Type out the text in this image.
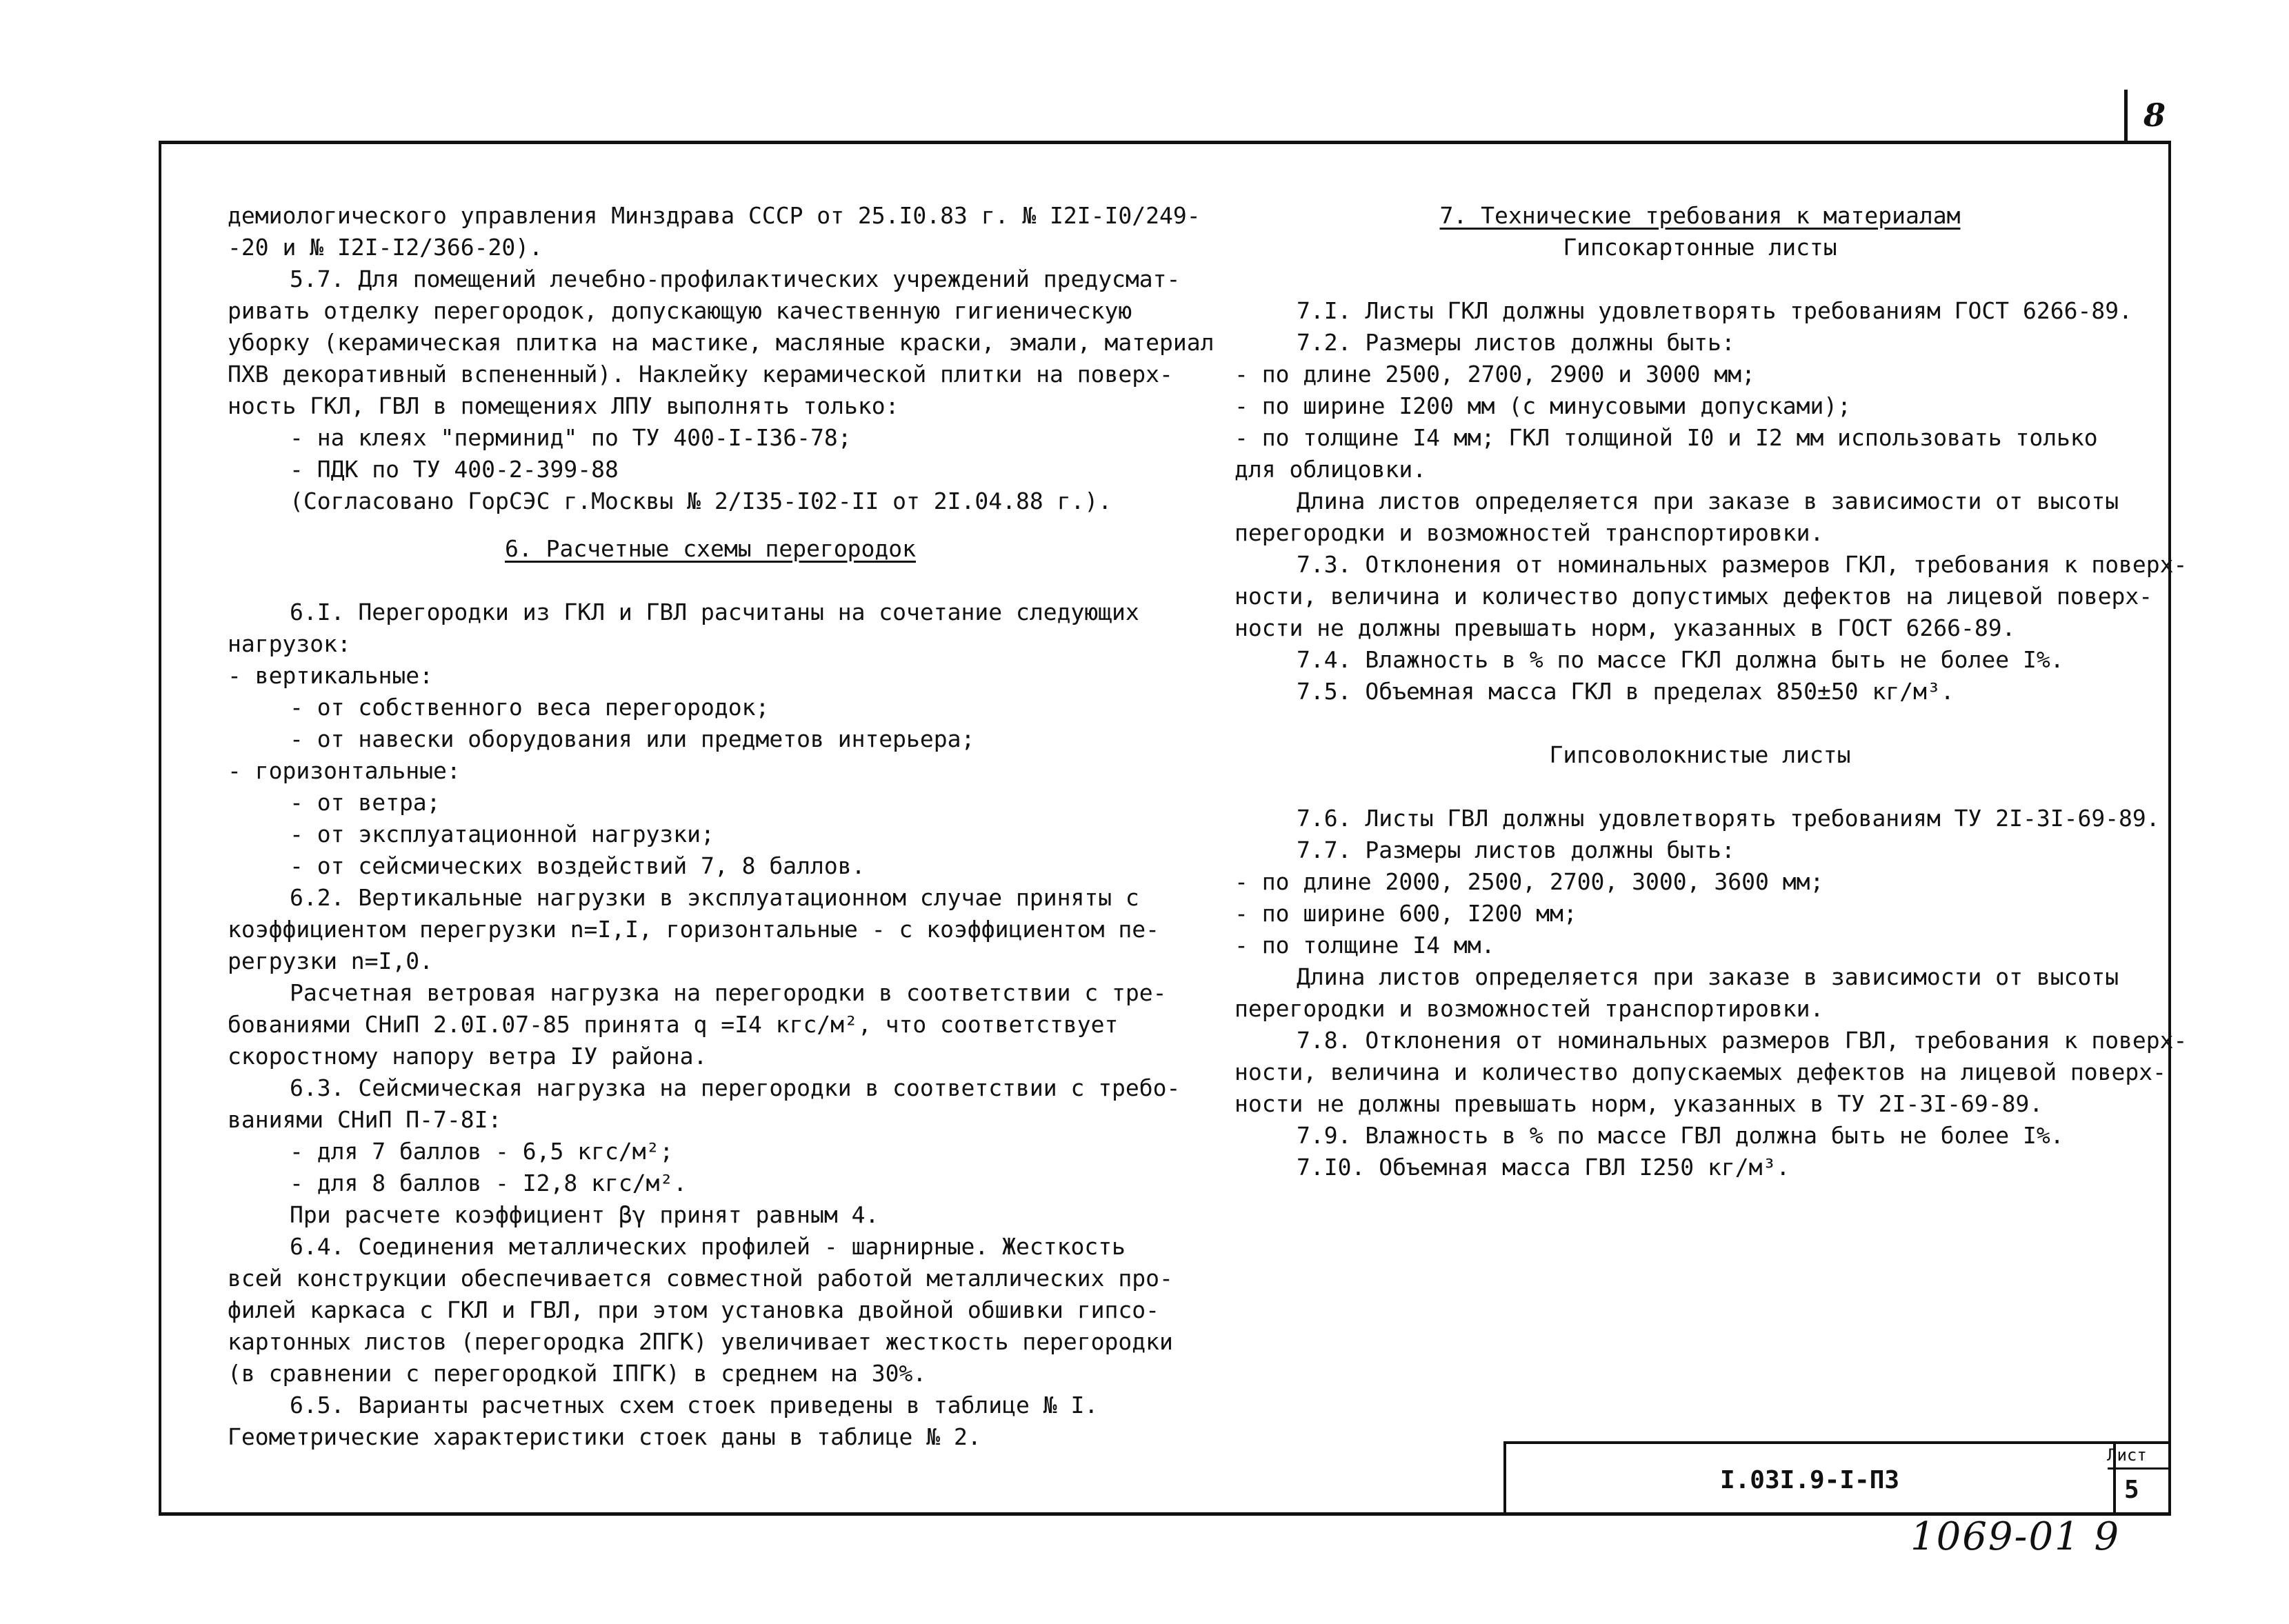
8
демиологического управления Минздрава СССР от 25.I0.83 г. № I2I-I0/249-
-20 и № I2I-I2/366-20).
5.7. Для помещений лечебно-профилактических учреждений предусмат-
ривать отделку перегородок, допускающую качественную гигиеническую
уборку (керамическая плитка на мастике, масляные краски, эмали, материал
ПХВ декоративный вспененный). Наклейку керамической плитки на поверх-
ность ГКЛ, ГВЛ в помещениях ЛПУ выполнять только:
- на клеях "перминид" по ТУ 400-I-I36-78;
- ПДК по ТУ 400-2-399-88
(Согласовано ГорСЭС г.Москвы № 2/I35-I02-II от 2I.04.88 г.).
6. Расчетные схемы перегородок
6.I. Перегородки из ГКЛ и ГВЛ расчитаны на сочетание следующих
нагрузок:
- вертикальные:
- от собственного веса перегородок;
- от навески оборудования или предметов интерьера;
- горизонтальные:
- от ветра;
- от эксплуатационной нагрузки;
- от сейсмических воздействий 7, 8 баллов.
6.2. Вертикальные нагрузки в эксплуатационном случае приняты с
коэффициентом перегрузки n=I,I, горизонтальные - с коэффициентом пе-
регрузки n=I,0.
Расчетная ветровая нагрузка на перегородки в соответствии с тре-
бованиями СНиП 2.0I.07-85 принята q =I4 кгс/м², что соответствует
скоростному напору ветра IУ района.
6.3. Сейсмическая нагрузка на перегородки в соответствии с требо-
ваниями СНиП П-7-8I:
- для 7 баллов - 6,5 кгс/м²;
- для 8 баллов - I2,8 кгс/м².
При расчете коэффициент βγ принят равным 4.
6.4. Соединения металлических профилей - шарнирные. Жесткость
всей конструкции обеспечивается совместной работой металлических про-
филей каркаса с ГКЛ и ГВЛ, при этом установка двойной обшивки гипсо-
картонных листов (перегородка 2ПГК) увеличивает жесткость перегородки
(в сравнении с перегородкой IПГК) в среднем на 30%.
6.5. Варианты расчетных схем стоек приведены в таблице № I.
Геометрические характеристики стоек даны в таблице № 2.
7. Технические требования к материалам
Гипсокартонные листы
7.I. Листы ГКЛ должны удовлетворять требованиям ГОСТ 6266-89.
7.2. Размеры листов должны быть:
- по длине 2500, 2700, 2900 и 3000 мм;
- по ширине I200 мм (с минусовыми допусками);
- по толщине I4 мм; ГКЛ толщиной I0 и I2 мм использовать только
для облицовки.
Длина листов определяется при заказе в зависимости от высоты
перегородки и возможностей транспортировки.
7.3. Отклонения от номинальных размеров ГКЛ, требования к поверх-
ности, величина и количество допустимых дефектов на лицевой поверх-
ности не должны превышать норм, указанных в ГОСТ 6266-89.
7.4. Влажность в % по массе ГКЛ должна быть не более I%.
7.5. Объемная масса ГКЛ в пределах 850±50 кг/м³.
Гипсоволокнистые листы
7.6. Листы ГВЛ должны удовлетворять требованиям ТУ 2I-3I-69-89.
7.7. Размеры листов должны быть:
- по длине 2000, 2500, 2700, 3000, 3600 мм;
- по ширине 600, I200 мм;
- по толщине I4 мм.
Длина листов определяется при заказе в зависимости от высоты
перегородки и возможностей транспортировки.
7.8. Отклонения от номинальных размеров ГВЛ, требования к поверх-
ности, величина и количество допускаемых дефектов на лицевой поверх-
ности не должны превышать норм, указанных в ТУ 2I-3I-69-89.
7.9. Влажность в % по массе ГВЛ должна быть не более I%.
7.I0. Объемная масса ГВЛ I250 кг/м³.
I.03I.9-I-ПЗ
Лист
5
1069-01 9
